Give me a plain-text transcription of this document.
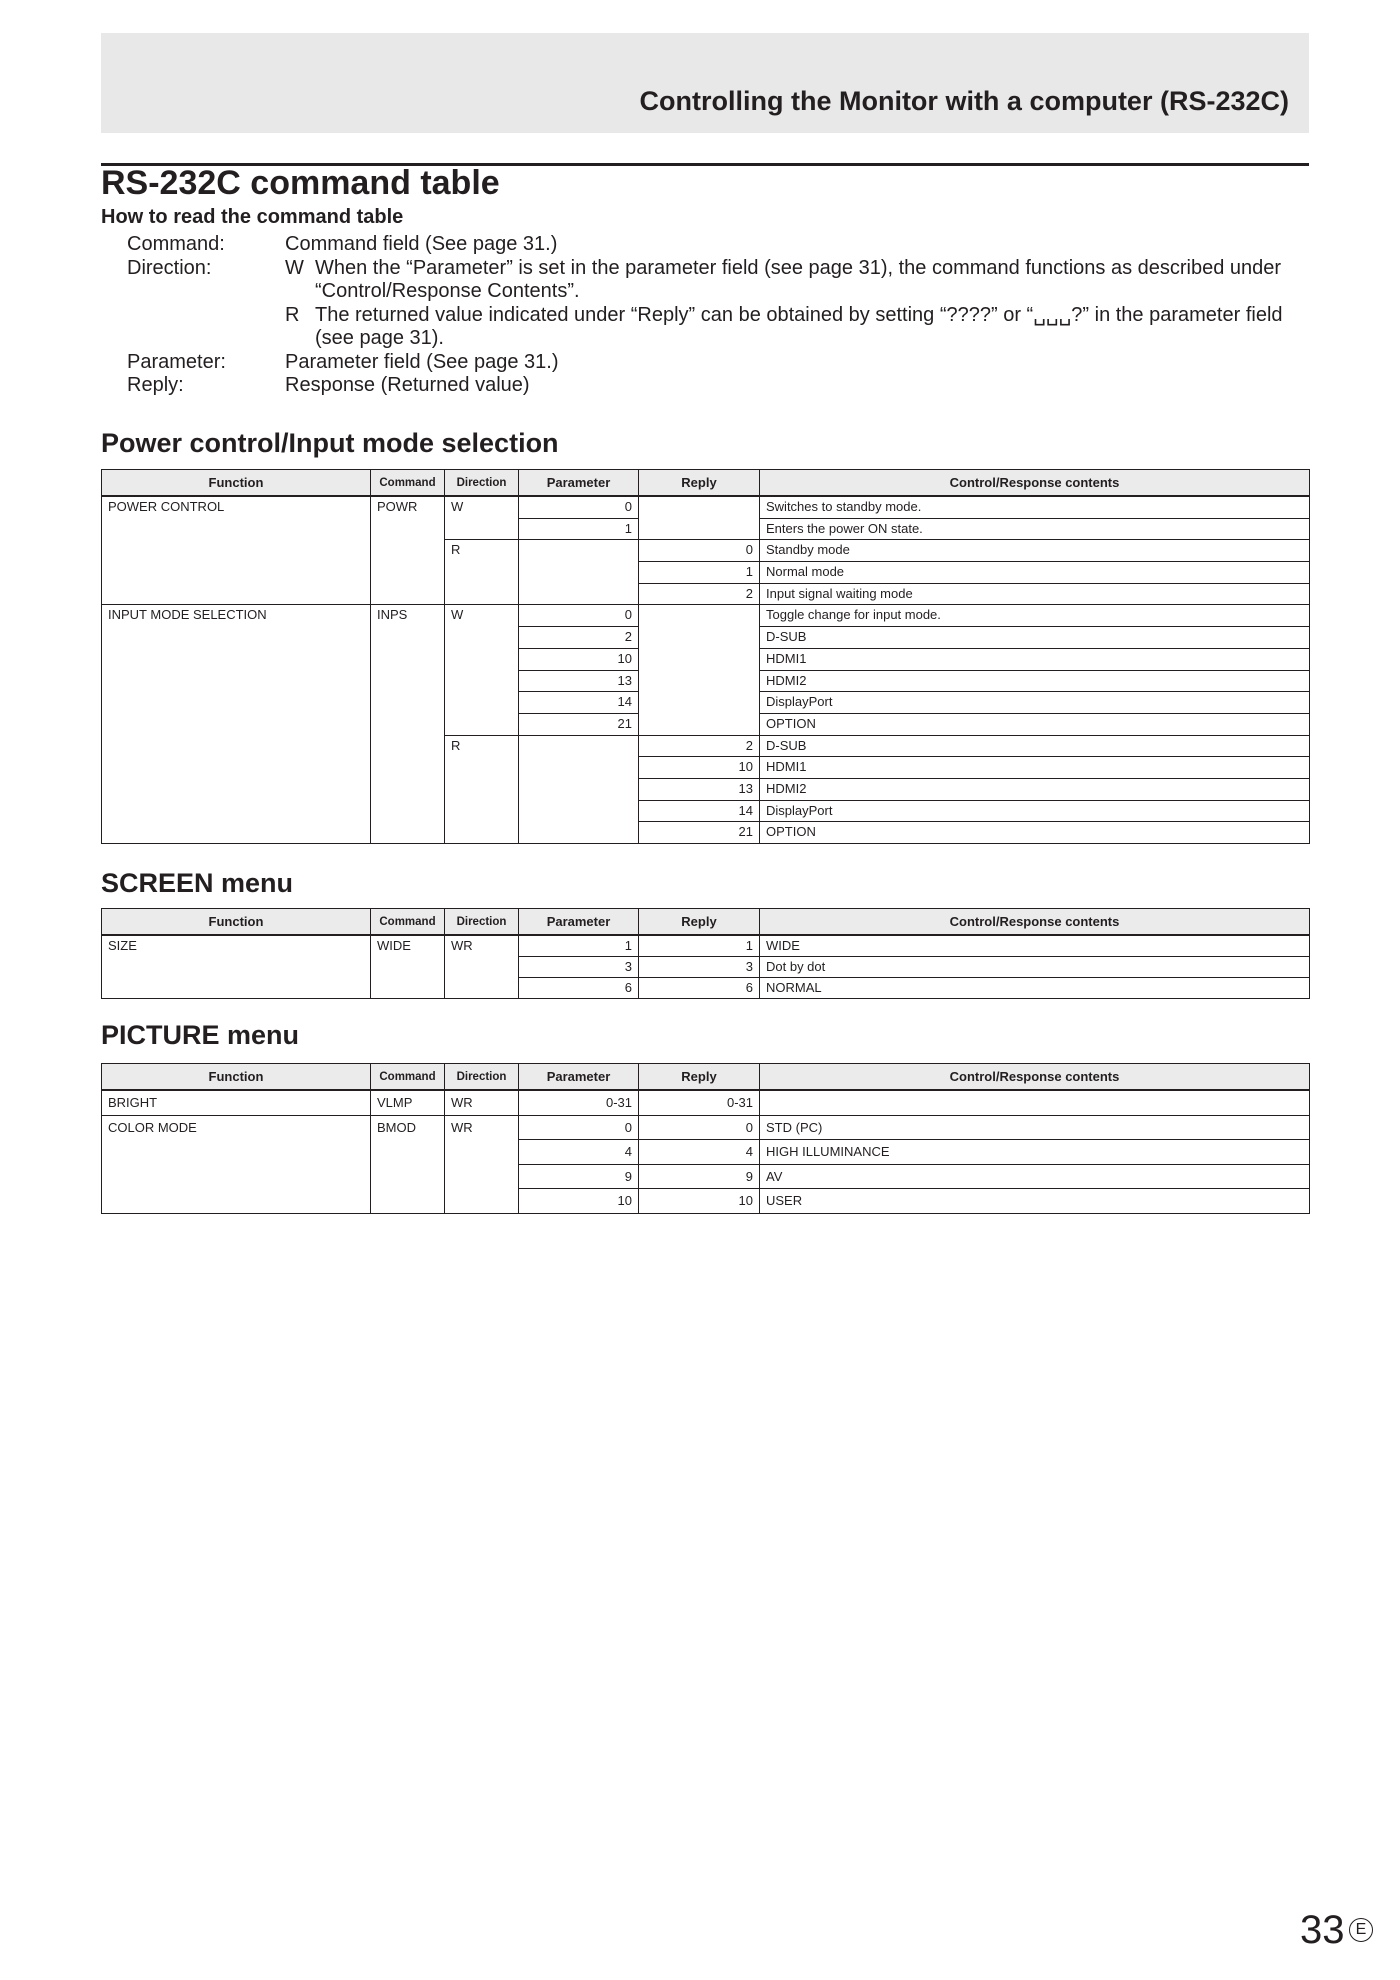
Controlling the Monitor with a computer (RS-232C)
RS-232C command table
How to read the command table
Command:	Command field (See page 31.)
Direction:	W When the “Parameter” is set in the parameter field (see page 31), the command functions as described under “Control/Response Contents”.
R The returned value indicated under “Reply” can be obtained by setting “????” or “␣␣␣?” in the parameter field (see page 31).
Parameter:	Parameter field (See page 31.)
Reply:	Response (Returned value)
Power control/Input mode selection
Function	Command	Direction	Parameter	Reply	Control/Response contents
POWER CONTROL	POWR	W	0		Switches to standby mode.
			1		Enters the power ON state.
		R		0	Standby mode
				1	Normal mode
				2	Input signal waiting mode
INPUT MODE SELECTION	INPS	W	0		Toggle change for input mode.
			2		D-SUB
			10		HDMI1
			13		HDMI2
			14		DisplayPort
			21		OPTION
		R		2	D-SUB
				10	HDMI1
				13	HDMI2
				14	DisplayPort
				21	OPTION
SCREEN menu
Function	Command	Direction	Parameter	Reply	Control/Response contents
SIZE	WIDE	WR	1	1	WIDE
			3	3	Dot by dot
			6	6	NORMAL
PICTURE menu
Function	Command	Direction	Parameter	Reply	Control/Response contents
BRIGHT	VLMP	WR	0-31	0-31	
COLOR MODE	BMOD	WR	0	0	STD (PC)
			4	4	HIGH ILLUMINANCE
			9	9	AV
			10	10	USER
33 E
